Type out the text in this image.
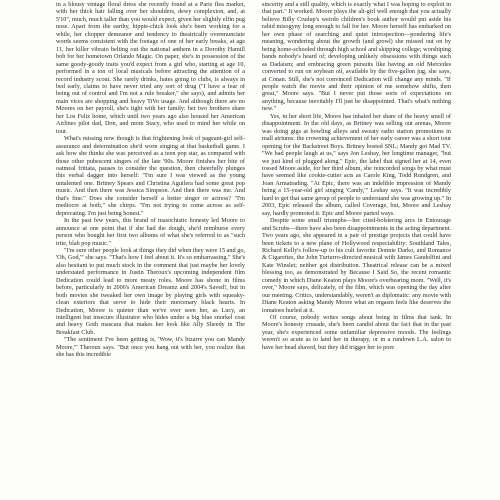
in a blousy vintage floral dress she recently found at a Paris flea market, with her thick hair falling over her shoulders, dewy complexion, and, at 5'10", much, much taller than you would expect, given her slightly elfin pug nose. Apart from the earthy, hippie-chick look she's been working for a while, her chopper demeanor and tendency to theatrically overenunciate words seems consistent with the footage of one of her early breaks, at age 11, her killer vibrato belting out the national anthem in a Dorothy Hamill bob for her hometown Orlando Magic. On paper, she's in possession of the same goody-goody traits you'd expect from a girl who, starting at age 10, performed in a ton of local musicals before attracting the attention of a record industry scout. She rarely drinks, hates going to clubs, is always in bed early, claims to have never tried any sort of drug ("I have a fear of being out of control and I'm not a rule breaker," she says), and admits her main vices are shopping and heavy TiVo usage. And although there are no Moores on her payroll, she's tight with her family: her two brothers share her Los Feliz home, which until two years ago also housed her American Airlines pilot dad, Don, and mom Stacy, who used to mind her while on tour.

What's missing now though is that frightening look of pageant-girl self-assurance and determination she'd worn singing at that basketball game. I ask how she thinks she was perceived as a teen pop star, as compared with those other pubescent singers of the late '90s. Moore finishes her bite of oatmeal frittata, pauses to consider the question, then cheerfully plunges this verbal dagger into herself: "I'm sure I was viewed as the young untalented one. Britney Spears and Christina Aguilera had some great pop music. And then there was Jessica Simpson. And then there was me. And that's fine." Does she consider herself a better singer or actress? "I'm mediocre at both," she chirps. "I'm not trying to come across as self-deprecating. I'm just being honest."

In the past few years, this brand of masochistic honesty led Moore to announce at one point that if she had the dough, she'd reimburse every person who bought her first two albums of what she's referred to as "such trite, blah pop music."

"I'm sure other people look at things they did when they were 15 and go, 'Oh, God,'" she says. "That's how I feel about it. It's so embarrassing." She's also hesitant to put much stock in the comment that just maybe her lovely understated performance in Justin Theroux's upcoming independent film Dedication could lead to more meaty roles. Moore has shone in films before, particularly in 2006's American Dreamz and 2004's Saved!, but in both movies she tweaked her own image by playing girls with squeaky-clean exteriors that serve to hide their mercenary black hearts. In Dedication, Moore is quieter than we've ever seen her, as Lucy, an intelligent but insecure illustrator who hides under a big blue snorkel coat and heavy Goth mascara that makes her look like Ally Sheedy in The Breakfast Club.

"The sentiment I've been getting is, 'Wow, it's bizarre you can Mandy Moore,'" Theroux says. "But once you hang out with her, you realize that she has this incredible

sincerity and a still quality, which is exactly what I was hoping to exploit in that part." It worked. Moore plays the alt-girl well enough that you actually believe Billy Crudup's weirdo children's book author would put aside his rabid misogyny long enough to fall for her. Moore herself has embarked on her own phase of searching and quiet introspection—pondering life's meaning, wondering about the growth (and growl) she missed out on by being home-schooled through high school and skipping college; worshiping bands nobody's heard of; developing unlikely obsessions with things such as Dadaism; and embracing green pursuits like having an old Mercedes converted to run on soybean oil, available by the five-gallon jug, she says, at Conan. Still, she's not convinced Dedication will change any minds. "If people watch the movie and their opinion of me somehow shifts, then great," Moore says. "But I never put those sorts of expectations on anything, because inevitably I'll just be disappointed. That's what's nothing new."

Yes, in her short life, Moore has inhaled her share of the heavy smell of disappointment. In the old days, as Britney was selling out arenas, Moore was doing gigs at bowling alleys and sweaty radio station promotions in mall atriums: the crowning achievement of her early career was a short tour opening for the Backstreet Boys. Britney hosted SNL; Mandy got Mad TV. "We had people laugh at us," says Jon Leshay, her longtime manager, "but we just kind of plugged along." Epic, the label that signed her at 14, even tossed Moore aside, for her third album, she reincorded songs by what must have seemed like cookie-cutter acts as Carole King, Todd Rundgren, and Joan Armatrading. "At Epic, there was an indelible impression of Mandy being a 15-year-old girl singing 'Candy,'" Leshay says. "It was incredibly hard to get that same group of people to understand she was growing up." In 2003, Epic released the album, called Coverage, but, Moore and Leshay say, hardly promoted it. Epic and Moore parted ways.

Despite some small triumphs—her cited-bolstering arcs in Entourage and Scrubs—there have also been disappointments in the acting department. Two years ago, she appeared in a pair of prestige projects that could have been tickets to a new plane of Hollywood respectability: Southland Tales, Richard Kelly's follow-up to his cult favorite Donnie Darko, and Romance & Cigarettes, the John Turturro-directed musical with James Gandolfini and Kate Winslet; neither got distribution. Theatrical release can be a mixed blessing too, as demonstrated by Because I Said So, the recent romantic comedy in which Diane Keaton plays Moore's overbearing mom. "Well, it's over," Moore says, delicately, of the film, which was opening the day after our meeting. Critics, understandably, weren't as diplomatic: any movie with Diane Keaton asking Mandy Moore what an orgasm feels like deserves the tomatoes hurled at it.

Of course, nobody writes songs about being in films that tank. In Moore's honesty crusade, she's been candid about the fact that in the past year, she's experienced some unfamiliar depressive moods. The feelings weren't so acute as to land her in therapy, or in a rundown L.A. salon to have her head shaved, but they did trigger her to pore
